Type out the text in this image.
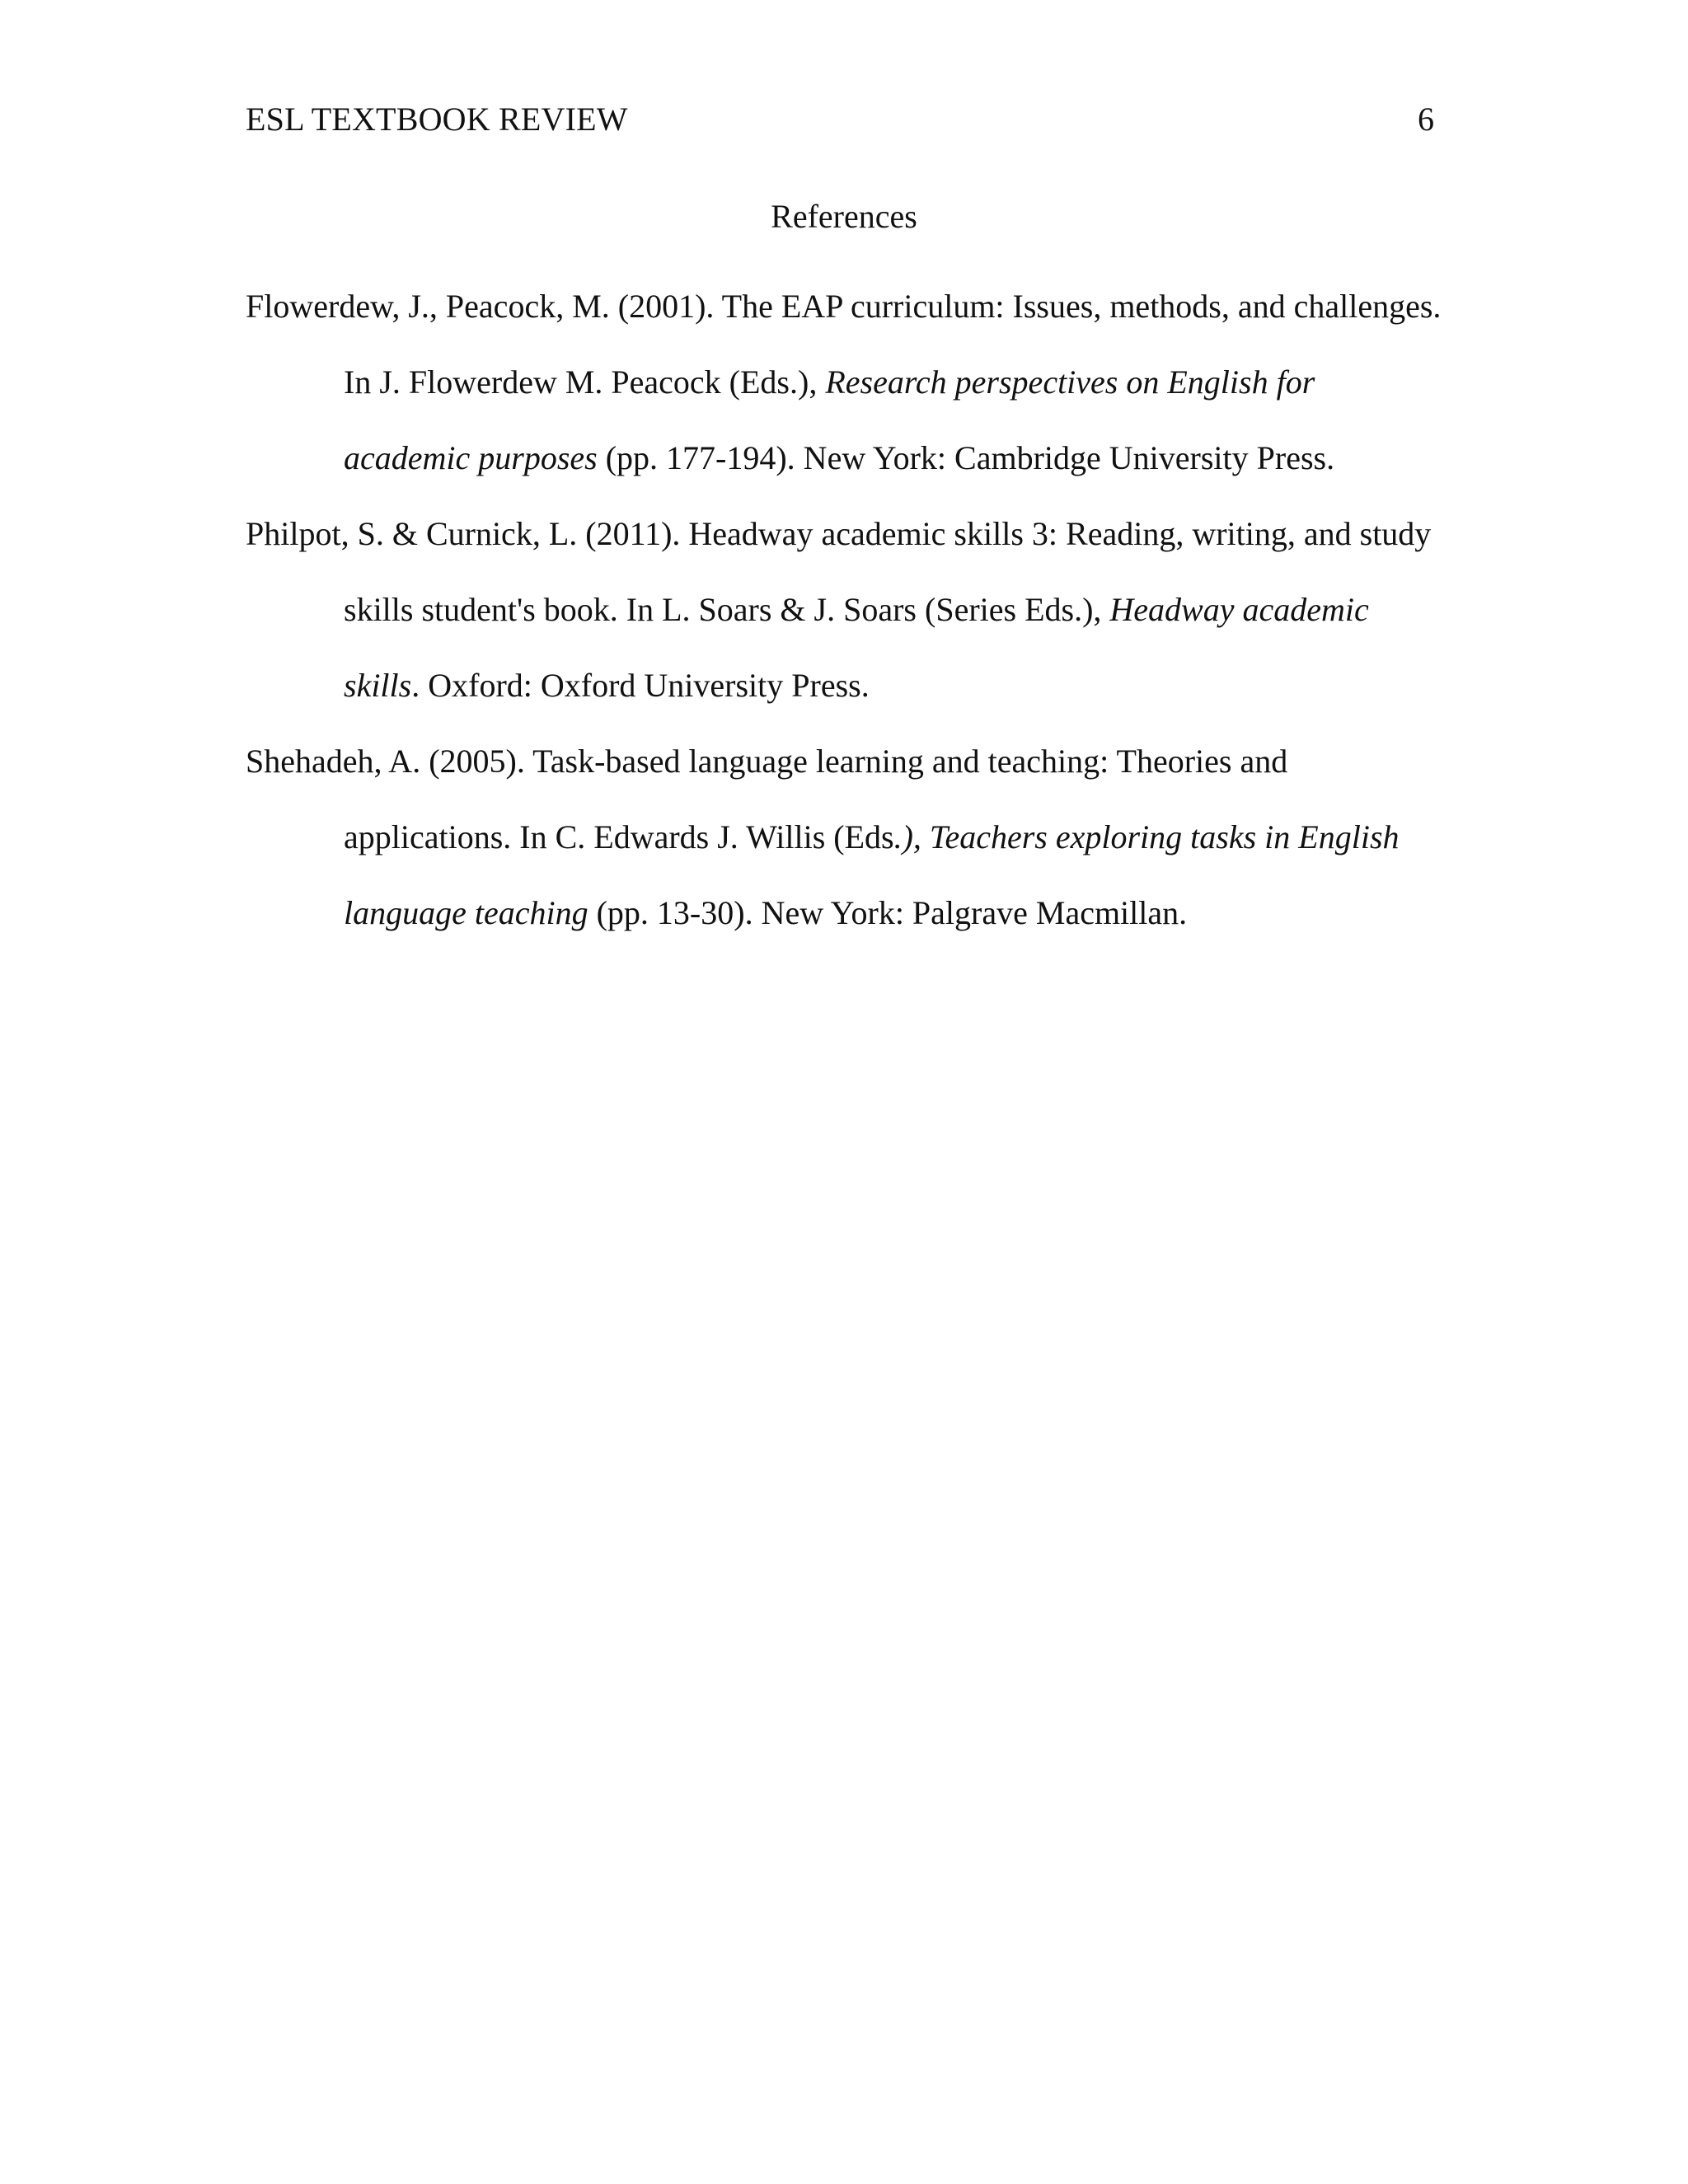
ESL TEXTBOOK REVIEW	6
References
Flowerdew, J., Peacock, M. (2001). The EAP curriculum: Issues, methods, and challenges. In J. Flowerdew M. Peacock (Eds.), Research perspectives on English for academic purposes (pp. 177-194). New York: Cambridge University Press.
Philpot, S. & Curnick, L. (2011). Headway academic skills 3: Reading, writing, and study skills student's book. In L. Soars & J. Soars (Series Eds.), Headway academic skills. Oxford: Oxford University Press.
Shehadeh, A. (2005). Task-based language learning and teaching: Theories and applications. In C. Edwards J. Willis (Eds.), Teachers exploring tasks in English language teaching (pp. 13-30). New York: Palgrave Macmillan.
